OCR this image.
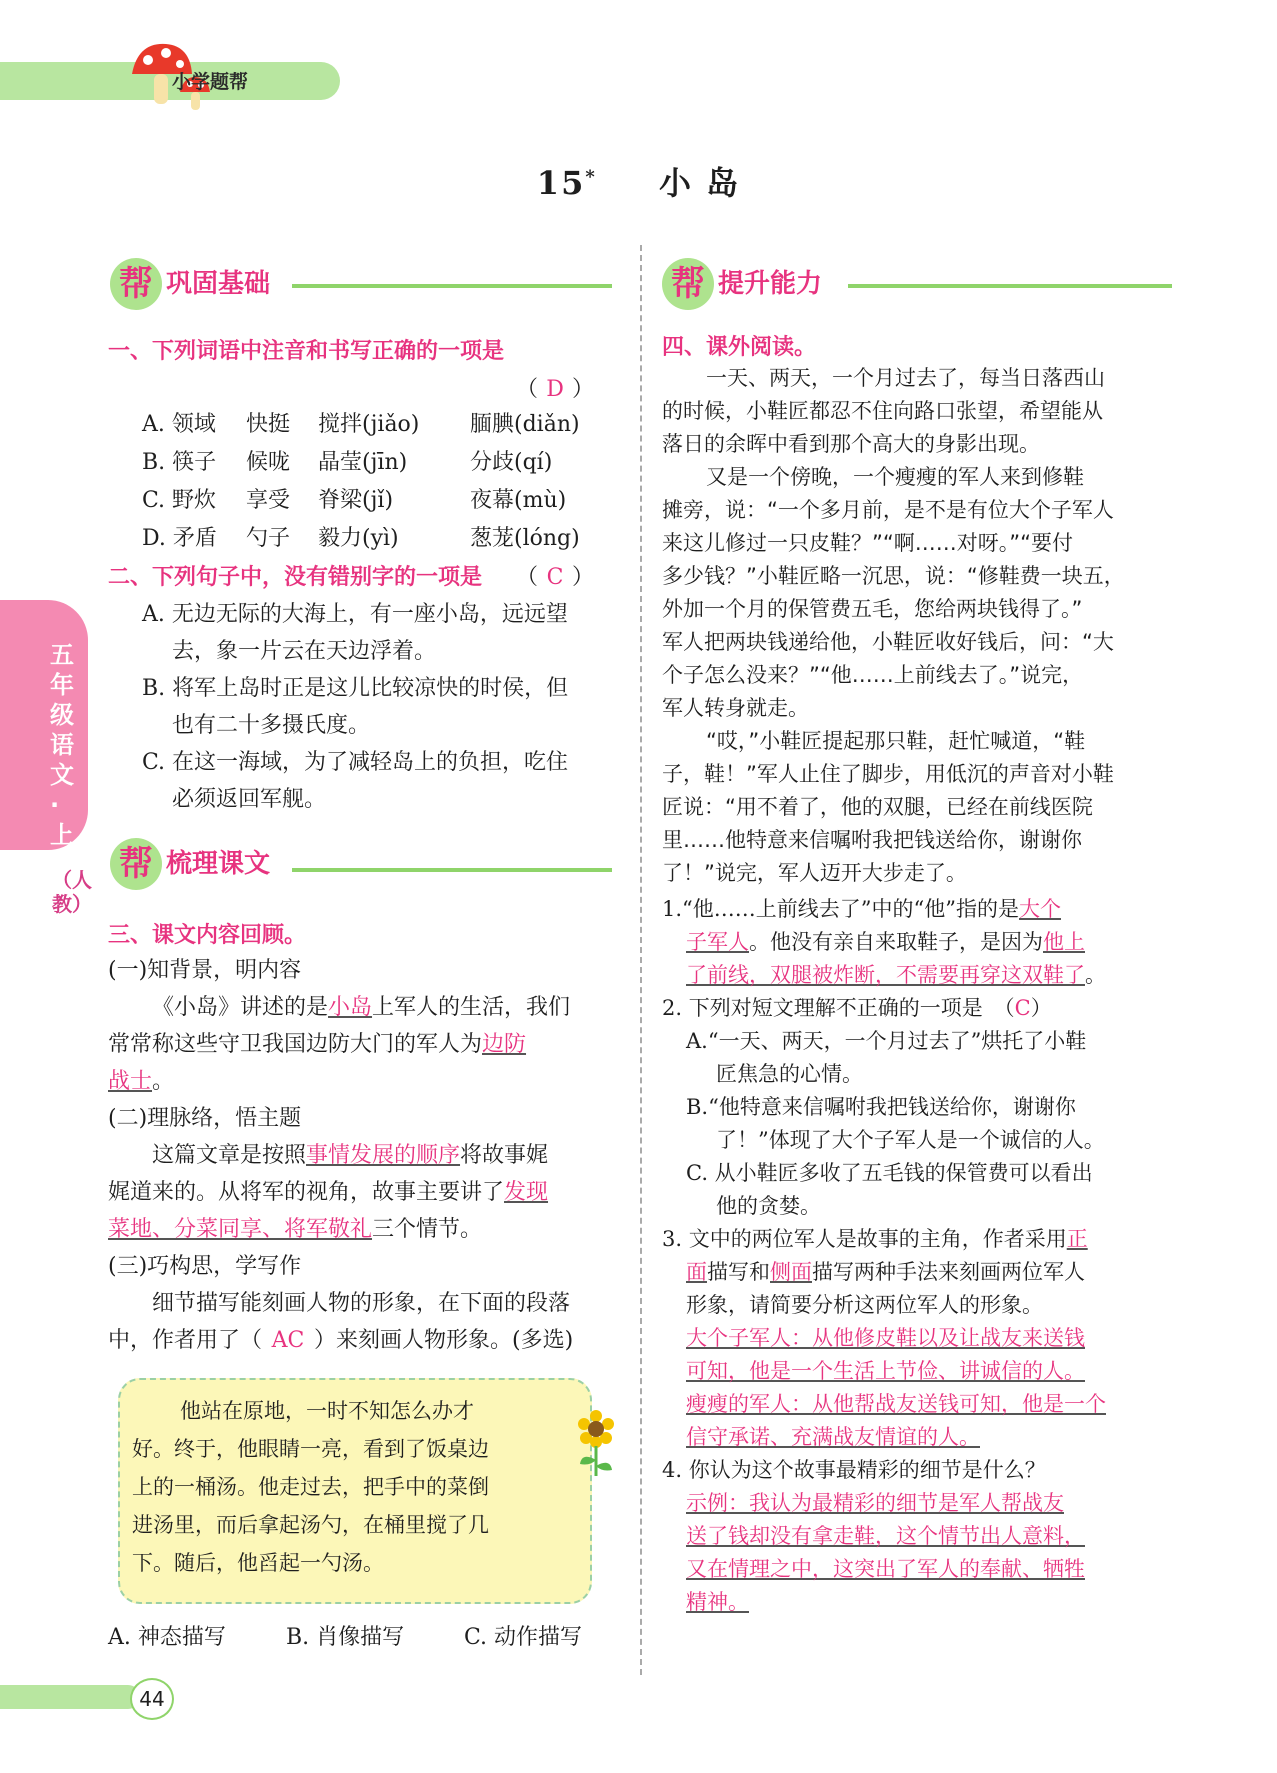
小学题帮
15* 小 岛
五年级语文·上
（人教）
帮 巩固基础
一、下列词语中注音和书写正确的一项是
（ D ）
A. 领域	快挺	搅拌(jiǎo)	腼腆(diǎn)
B. 筷子	候咙	晶莹(jīn)	分歧(qí)
C. 野炊	享受	脊梁(jǐ)	夜幕(mù)
D. 矛盾	勺子	毅力(yì)	葱茏(lóng)
二、下列句子中，没有错别字的一项是 （ C ）
A. 无边无际的大海上，有一座小岛，远远望
去，象一片云在天边浮着。
B. 将军上岛时正是这儿比较凉快的时侯，但
也有二十多摄氏度。
C. 在这一海域，为了减轻岛上的负担，吃住
必须返回军舰。
帮 梳理课文
三、课文内容回顾。
(一)知背景，明内容
《小岛》讲述的是小岛上军人的生活，我们
常常称这些守卫我国边防大门的军人为边防
战士。
(二)理脉络，悟主题
这篇文章是按照事情发展的顺序将故事娓
娓道来的。从将军的视角，故事主要讲了发现
菜地、分菜同享、将军敬礼三个情节。
(三)巧构思，学写作
细节描写能刻画人物的形象，在下面的段落
中，作者用了（ AC ）来刻画人物形象。(多选)
他站在原地，一时不知怎么办才
好。终于，他眼睛一亮，看到了饭桌边
上的一桶汤。他走过去，把手中的菜倒
进汤里，而后拿起汤勺，在桶里搅了几
下。随后，他舀起一勺汤。
A. 神态描写	B. 肖像描写	C. 动作描写
帮 提升能力
四、课外阅读。
一天、两天，一个月过去了，每当日落西山
的时候，小鞋匠都忍不住向路口张望，希望能从
落日的余晖中看到那个高大的身影出现。
又是一个傍晚，一个瘦瘦的军人来到修鞋
摊旁，说：“一个多月前，是不是有位大个子军人
来这儿修过一只皮鞋？”“啊……对呀。”“要付
多少钱？”小鞋匠略一沉思，说：“修鞋费一块五，
外加一个月的保管费五毛，您给两块钱得了。”
军人把两块钱递给他，小鞋匠收好钱后，问：“大
个子怎么没来？”“他……上前线去了。”说完，
军人转身就走。
“哎，”小鞋匠提起那只鞋，赶忙喊道，“鞋
子，鞋！”军人止住了脚步，用低沉的声音对小鞋
匠说：“用不着了，他的双腿，已经在前线医院
里……他特意来信嘱咐我把钱送给你，谢谢你
了！”说完，军人迈开大步走了。
1.“他……上前线去了”中的“他”指的是大个
子军人。他没有亲自来取鞋子，是因为他上
了前线，双腿被炸断，不需要再穿这双鞋了。
2. 下列对短文理解不正确的一项是 （C）
A.“一天、两天，一个月过去了”烘托了小鞋
匠焦急的心情。
B.“他特意来信嘱咐我把钱送给你，谢谢你
了！”体现了大个子军人是一个诚信的人。
C. 从小鞋匠多收了五毛钱的保管费可以看出
他的贪婪。
3. 文中的两位军人是故事的主角，作者采用正
面描写和侧面描写两种手法来刻画两位军人
形象，请简要分析这两位军人的形象。
大个子军人：从他修皮鞋以及让战友来送钱
可知，他是一个生活上节俭、讲诚信的人。
瘦瘦的军人：从他帮战友送钱可知，他是一个
信守承诺、充满战友情谊的人。
4. 你认为这个故事最精彩的细节是什么？
示例：我认为最精彩的细节是军人帮战友
送了钱却没有拿走鞋，这个情节出人意料，
又在情理之中，这突出了军人的奉献、牺牲
精神。
44
